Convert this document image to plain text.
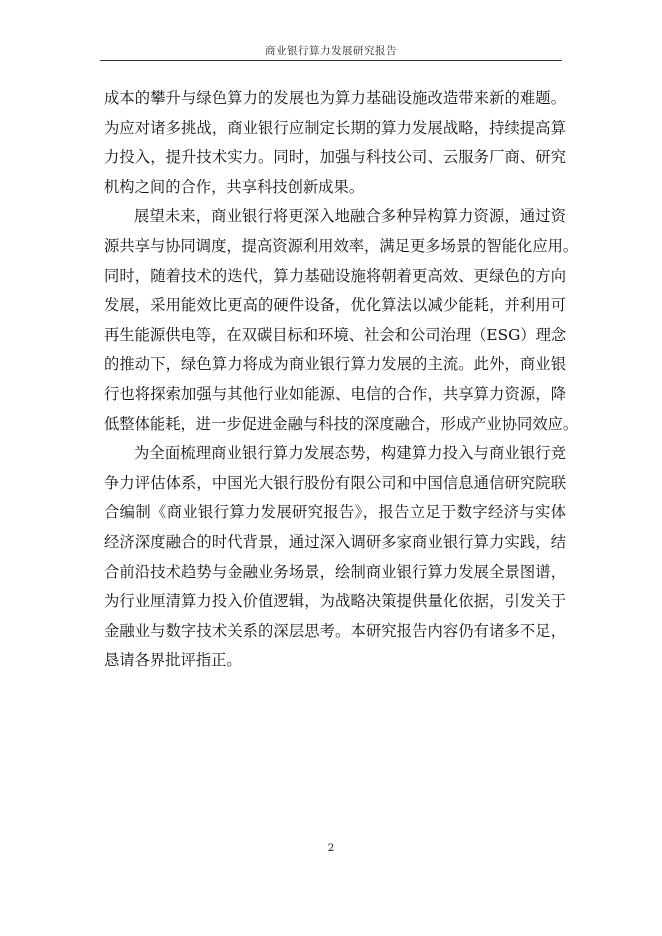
商业银行算力发展研究报告
成本的攀升与绿色算力的发展也为算力基础设施改造带来新的难题。
为应对诸多挑战，商业银行应制定长期的算力发展战略，持续提高算
力投入，提升技术实力。同时，加强与科技公司、云服务厂商、研究
机构之间的合作，共享科技创新成果。
展望未来，商业银行将更深入地融合多种异构算力资源，通过资
源共享与协同调度，提高资源利用效率，满足更多场景的智能化应用。
同时，随着技术的迭代，算力基础设施将朝着更高效、更绿色的方向
发展，采用能效比更高的硬件设备，优化算法以减少能耗，并利用可
再生能源供电等，在双碳目标和环境、社会和公司治理（ESG）理念
的推动下，绿色算力将成为商业银行算力发展的主流。此外，商业银
行也将探索加强与其他行业如能源、电信的合作，共享算力资源，降
低整体能耗，进一步促进金融与科技的深度融合，形成产业协同效应。
为全面梳理商业银行算力发展态势，构建算力投入与商业银行竞
争力评估体系，中国光大银行股份有限公司和中国信息通信研究院联
合编制《商业银行算力发展研究报告》，报告立足于数字经济与实体
经济深度融合的时代背景，通过深入调研多家商业银行算力实践，结
合前沿技术趋势与金融业务场景，绘制商业银行算力发展全景图谱，
为行业厘清算力投入价值逻辑，为战略决策提供量化依据，引发关于
金融业与数字技术关系的深层思考。本研究报告内容仍有诸多不足，
恳请各界批评指正。
2
